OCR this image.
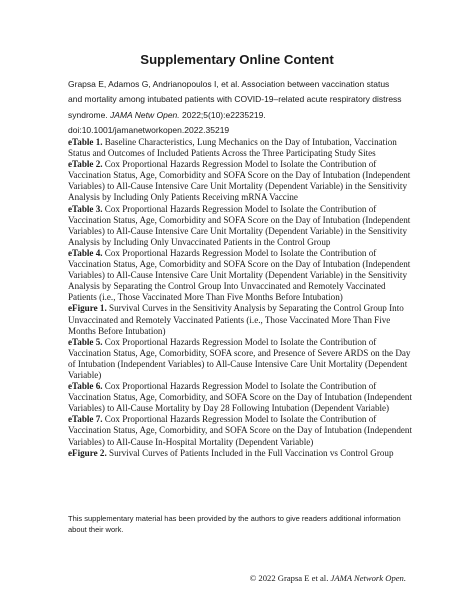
Supplementary Online Content
Grapsa E, Adamos G, Andrianopoulos I, et al. Association between vaccination status
and mortality among intubated patients with COVID-19–related acute respiratory distress
syndrome. JAMA Netw Open. 2022;5(10):e2235219.
doi:10.1001/jamanetworkopen.2022.35219

eTable 1. Baseline Characteristics, Lung Mechanics on the Day of Intubation, Vaccination Status and Outcomes of Included Patients Across the Three Participating Study Sites

eTable 2. Cox Proportional Hazards Regression Model to Isolate the Contribution of Vaccination Status, Age, Comorbidity and SOFA Score on the Day of Intubation (Independent Variables) to All-Cause Intensive Care Unit Mortality (Dependent Variable) in the Sensitivity Analysis by Including Only Patients Receiving mRNA Vaccine

eTable 3. Cox Proportional Hazards Regression Model to Isolate the Contribution of Vaccination Status, Age, Comorbidity and SOFA Score on the Day of Intubation (Independent Variables) to All-Cause Intensive Care Unit Mortality (Dependent Variable) in the Sensitivity Analysis by Including Only Unvaccinated Patients in the Control Group

eTable 4. Cox Proportional Hazards Regression Model to Isolate the Contribution of Vaccination Status, Age, Comorbidity and SOFA Score on the Day of Intubation (Independent Variables) to All-Cause Intensive Care Unit Mortality (Dependent Variable) in the Sensitivity Analysis by Separating the Control Group Into Unvaccinated and Remotely Vaccinated Patients (i.e., Those Vaccinated More Than Five Months Before Intubation)

eFigure 1. Survival Curves in the Sensitivity Analysis by Separating the Control Group Into Unvaccinated and Remotely Vaccinated Patients (i.e., Those Vaccinated More Than Five Months Before Intubation)

eTable 5. Cox Proportional Hazards Regression Model to Isolate the Contribution of Vaccination Status, Age, Comorbidity, SOFA score, and Presence of Severe ARDS on the Day of Intubation (Independent Variables) to All-Cause Intensive Care Unit Mortality (Dependent Variable)

eTable 6. Cox Proportional Hazards Regression Model to Isolate the Contribution of Vaccination Status, Age, Comorbidity, and SOFA Score on the Day of Intubation (Independent Variables) to All-Cause Mortality by Day 28 Following Intubation (Dependent Variable)

eTable 7. Cox Proportional Hazards Regression Model to Isolate the Contribution of Vaccination Status, Age, Comorbidity, and SOFA Score on the Day of Intubation (Independent Variables) to All-Cause In-Hospital Mortality (Dependent Variable)

eFigure 2. Survival Curves of Patients Included in the Full Vaccination vs Control Group

This supplementary material has been provided by the authors to give readers additional information about their work.
© 2022 Grapsa E et al. JAMA Network Open.
